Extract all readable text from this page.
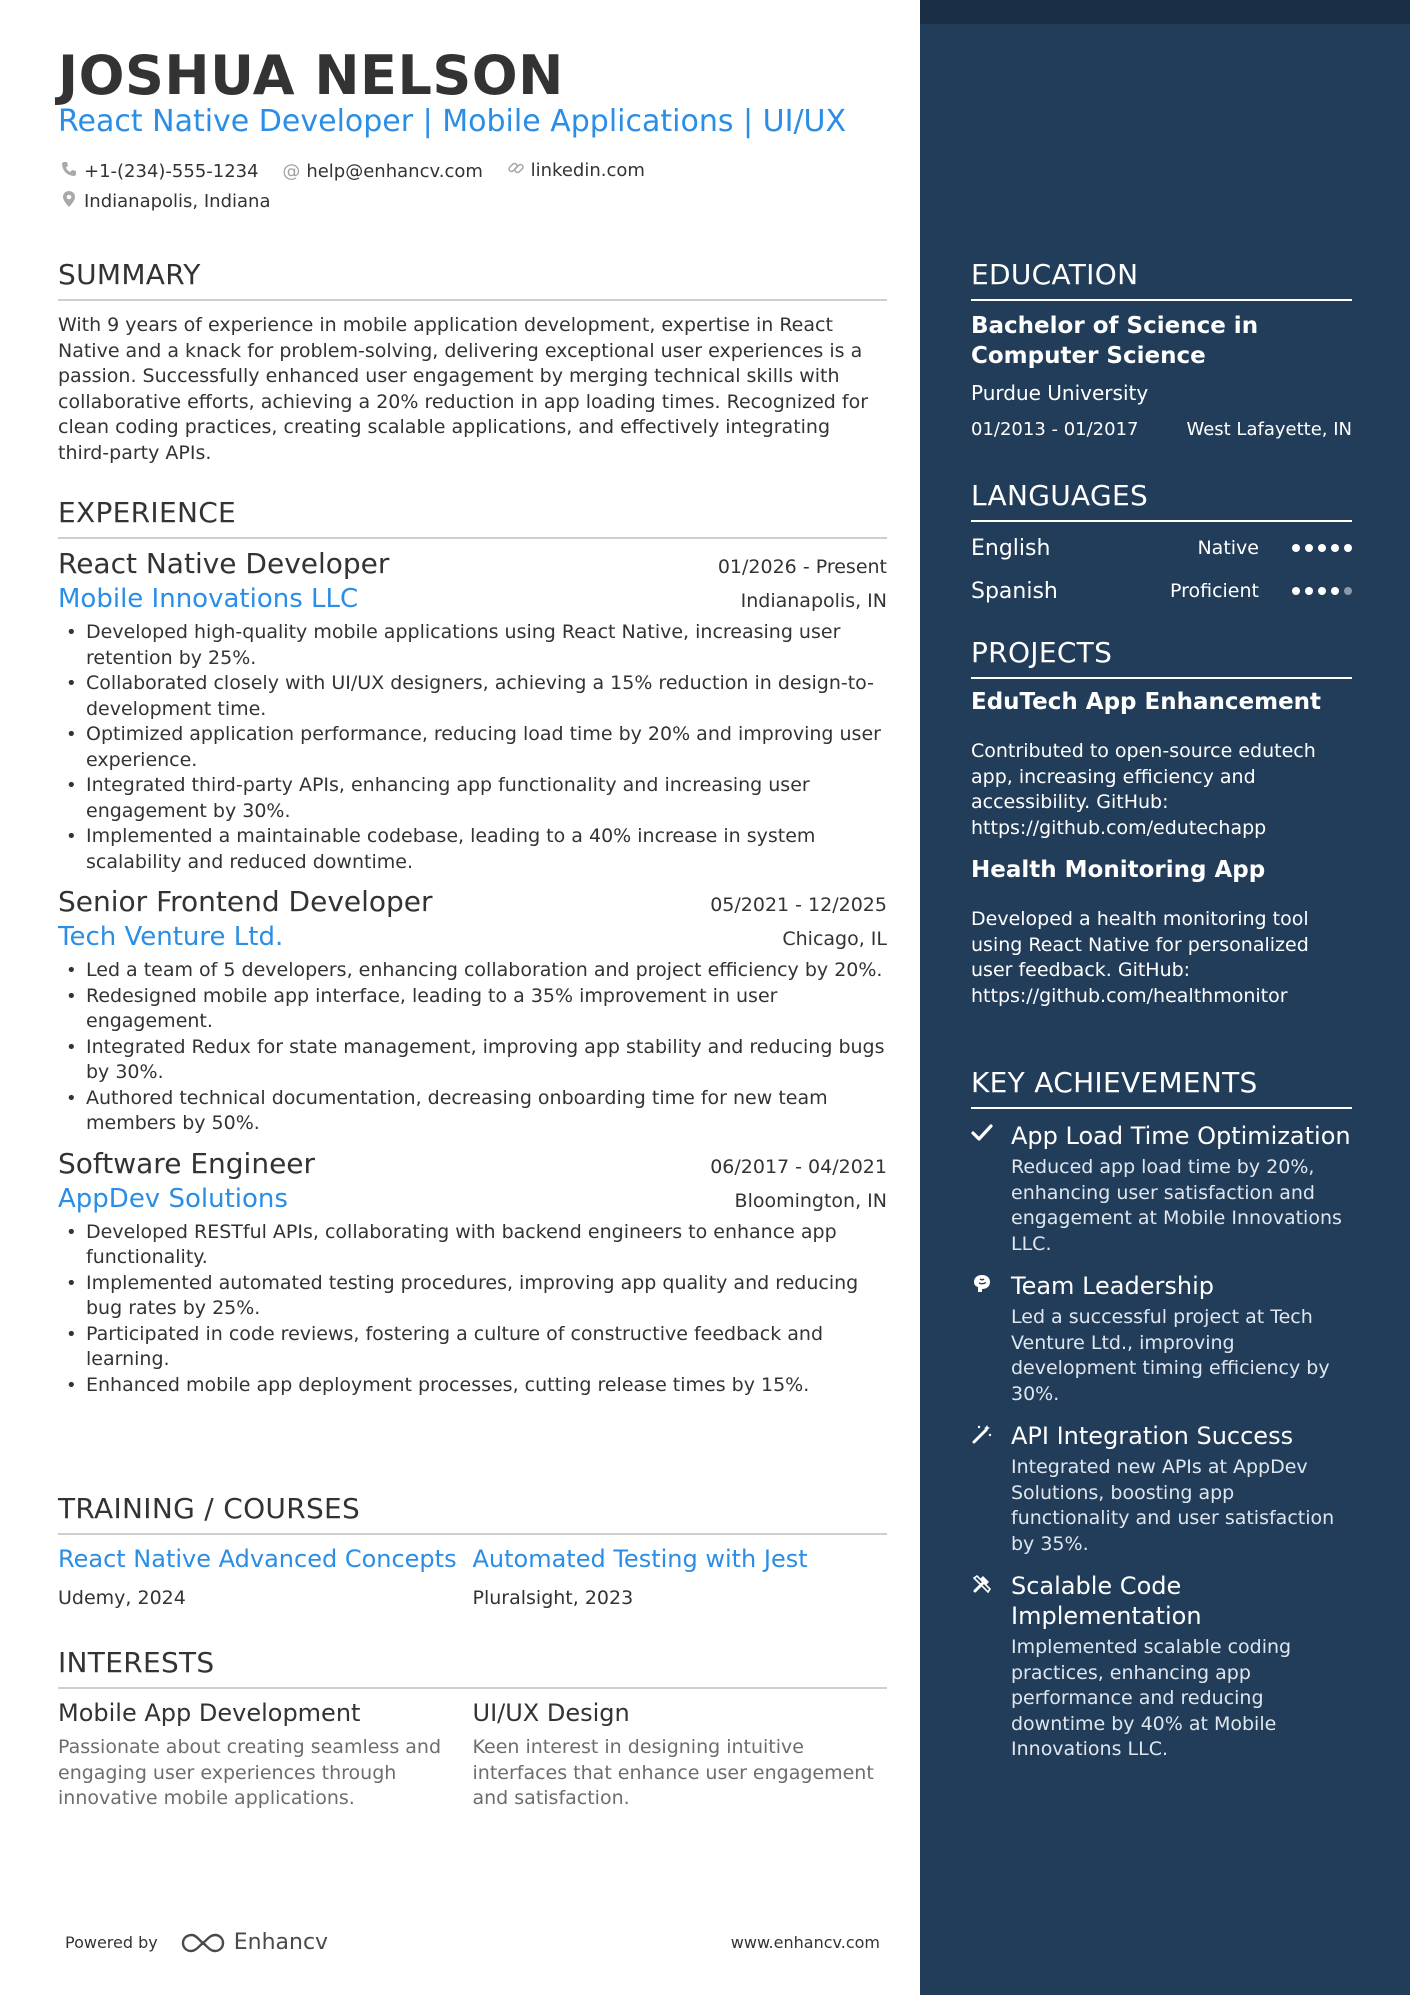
JOSHUA NELSON
React Native Developer | Mobile Applications | UI/UX
+1-(234)-555-1234
@ help@enhancv.com
	linkedin.com
Indianapolis, Indiana
SUMMARY
With 9 years of experience in mobile application development, expertise in React Native and a knack for problem-solving, delivering exceptional user experiences is a passion. Successfully enhanced user engagement by merging technical skills with collaborative efforts, achieving a 20% reduction in app loading times. Recognized for clean coding practices, creating scalable applications, and effectively integrating third-party APIs.
EXPERIENCE
React Native Developer	01/2026 - Present
Mobile Innovations LLC	Indianapolis, IN
• Developed high-quality mobile applications using React Native, increasing user retention by 25%.
• Collaborated closely with UI/UX designers, achieving a 15% reduction in design-to-development time.
• Optimized application performance, reducing load time by 20% and improving user experience.
• Integrated third-party APIs, enhancing app functionality and increasing user engagement by 30%.
• Implemented a maintainable codebase, leading to a 40% increase in system scalability and reduced downtime.
Senior Frontend Developer	05/2021 - 12/2025
Tech Venture Ltd.	Chicago, IL
• Led a team of 5 developers, enhancing collaboration and project efficiency by 20%.
• Redesigned mobile app interface, leading to a 35% improvement in user engagement.
• Integrated Redux for state management, improving app stability and reducing bugs by 30%.
• Authored technical documentation, decreasing onboarding time for new team members by 50%.
Software Engineer	06/2017 - 04/2021
AppDev Solutions	Bloomington, IN
• Developed RESTful APIs, collaborating with backend engineers to enhance app functionality.
• Implemented automated testing procedures, improving app quality and reducing bug rates by 25%.
• Participated in code reviews, fostering a culture of constructive feedback and learning.
• Enhanced mobile app deployment processes, cutting release times by 15%.
TRAINING / COURSES
React Native Advanced Concepts
Udemy, 2024
Automated Testing with Jest
Pluralsight, 2023
INTERESTS
Mobile App Development
Passionate about creating seamless and engaging user experiences through innovative mobile applications.
UI/UX Design
Keen interest in designing intuitive interfaces that enhance user engagement and satisfaction.
Powered by	Enhancv	www.enhancv.com
EDUCATION
Bachelor of Science in Computer Science
Purdue University
01/2013 - 01/2017	West Lafayette, IN
LANGUAGES
English	Native
Spanish	Proficient
PROJECTS
EduTech App Enhancement
Contributed to open-source edutech app, increasing efficiency and accessibility. GitHub: https://github.com/edutechapp
Health Monitoring App
Developed a health monitoring tool using React Native for personalized user feedback. GitHub: https://github.com/healthmonitor
KEY ACHIEVEMENTS
App Load Time Optimization
Reduced app load time by 20%, enhancing user satisfaction and engagement at Mobile Innovations LLC.
Team Leadership
Led a successful project at Tech Venture Ltd., improving development timing efficiency by 30%.
API Integration Success
Integrated new APIs at AppDev Solutions, boosting app functionality and user satisfaction by 35%.
Scalable Code Implementation
Implemented scalable coding practices, enhancing app performance and reducing downtime by 40% at Mobile Innovations LLC.
